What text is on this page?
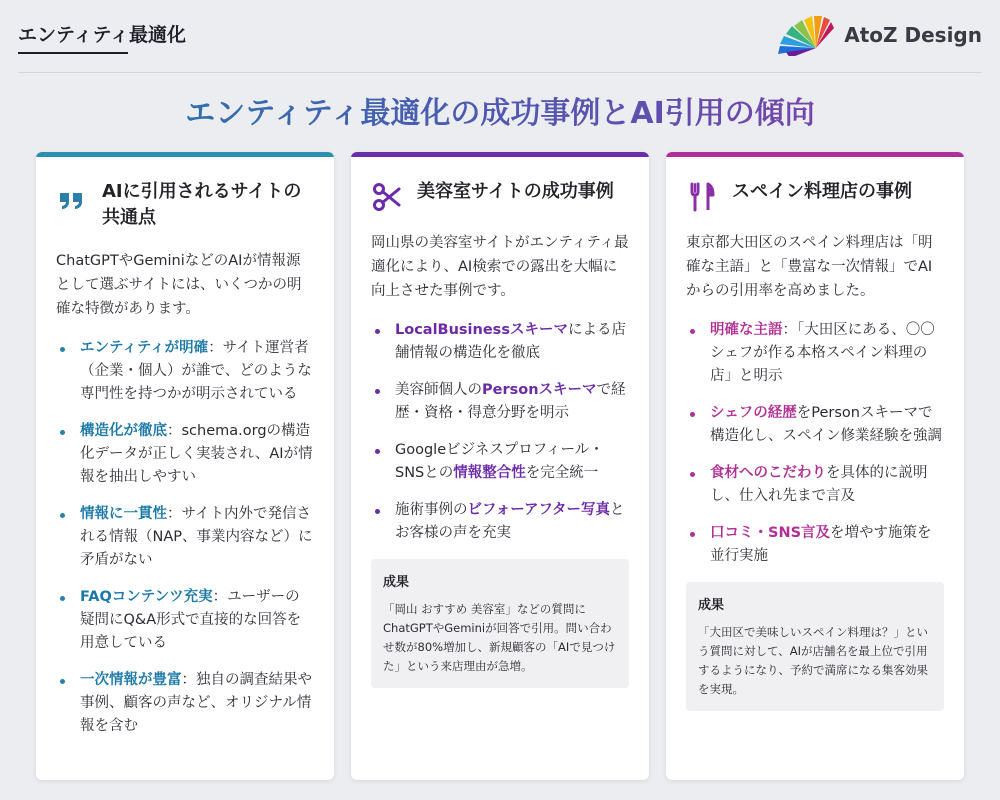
エンティティ最適化	AtoZ Design
エンティティ最適化の成功事例とAI引用の傾向
AIに引用されるサイトの共通点

ChatGPTやGeminiなどのAIが情報源として選ぶサイトには、いくつかの明確な特徴があります。

エンティティが明確：サイト運営者（企業・個人）が誰で、どのような専門性を持つかが明示されている
構造化が徹底：schema.orgの構造化データが正しく実装され、AIが情報を抽出しやすい
情報に一貫性：サイト内外で発信される情報（NAP、事業内容など）に矛盾がない
FAQコンテンツ充実：ユーザーの疑問にQ&A形式で直接的な回答を用意している
一次情報が豊富：独自の調査結果や事例、顧客の声など、オリジナル情報を含む
美容室サイトの成功事例

岡山県の美容室サイトがエンティティ最適化により、AI検索での露出を大幅に向上させた事例です。

LocalBusinessスキーマによる店舗情報の構造化を徹底
美容師個人のPersonスキーマで経歴・資格・得意分野を明示
Googleビジネスプロフィール・SNSとの情報整合性を完全統一
施術事例のビフォーアフター写真とお客様の声を充実
成果
「岡山 おすすめ 美容室」などの質問にChatGPTやGeminiが回答で引用。問い合わせ数が80%増加し、新規顧客の「AIで見つけた」という来店理由が急増。
スペイン料理店の事例

東京都大田区のスペイン料理店は「明確な主語」と「豊富な一次情報」でAIからの引用率を高めました。

明確な主語：「大田区にある、〇〇シェフが作る本格スペイン料理の店」と明示
シェフの経歴をPersonスキーマで構造化し、スペイン修業経験を強調
食材へのこだわりを具体的に説明し、仕入れ先まで言及
口コミ・SNS言及を増やす施策を並行実施
成果
「大田区で美味しいスペイン料理は？」という質問に対して、AIが店舗名を最上位で引用するようになり、予約で満席になる集客効果を実現。
